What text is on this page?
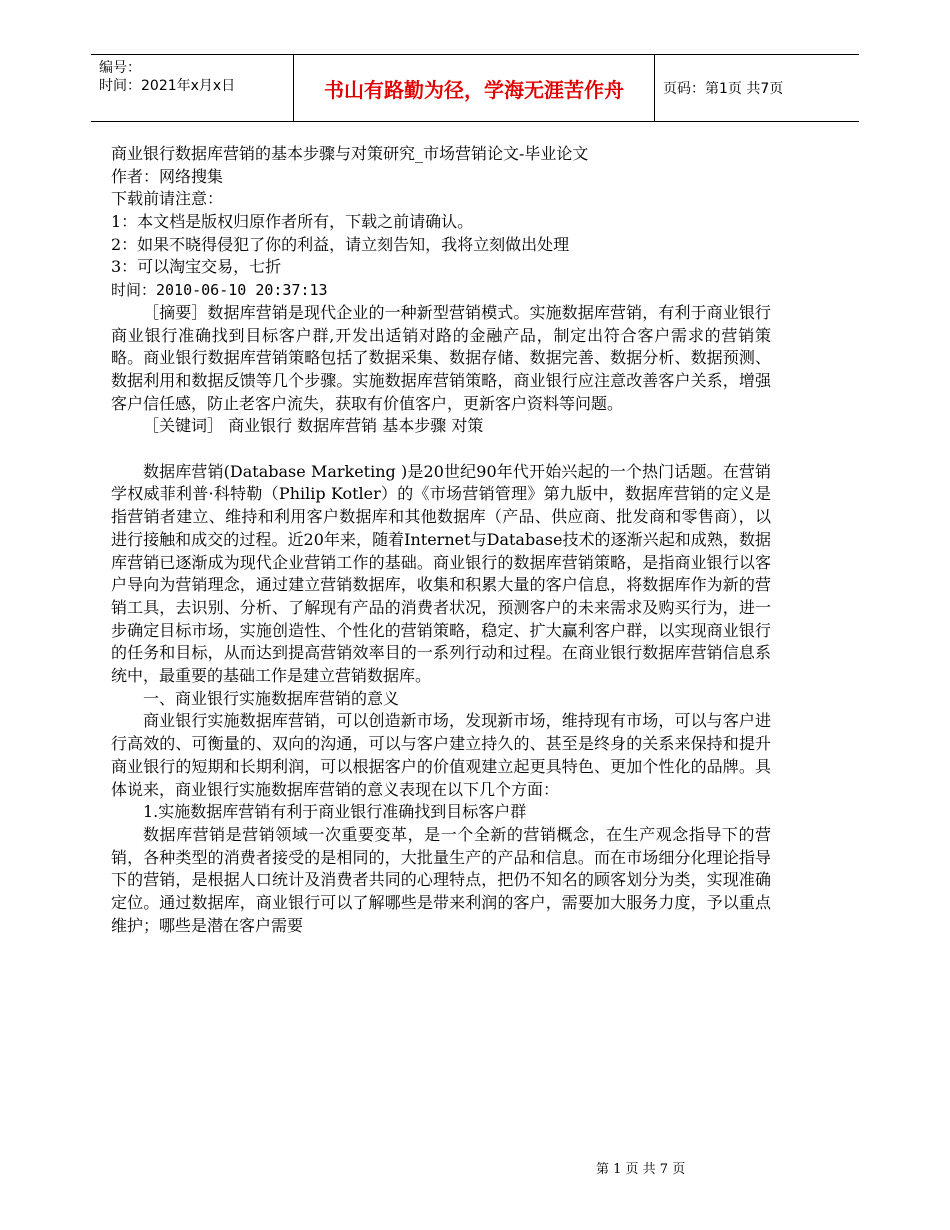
编号：
时间：2021年x月x日	书山有路勤为径，学海无涯苦作舟	页码：第1页 共7页
商业银行数据库营销的基本步骤与对策研究_市场营销论文-毕业论文
作者：网络搜集
下载前请注意：
1：本文档是版权归原作者所有，下载之前请确认。
2：如果不晓得侵犯了你的利益，请立刻告知，我将立刻做出处理
3：可以淘宝交易，七折
时间：2010-06-10 20:37:13

［摘要］数据库营销是现代企业的一种新型营销模式。实施数据库营销，有利于商业银行商业银行准确找到目标客户群,开发出适销对路的金融产品，制定出符合客户需求的营销策略。商业银行数据库营销策略包括了数据采集、数据存储、数据完善、数据分析、数据预测、数据利用和数据反馈等几个步骤。实施数据库营销策略，商业银行应注意改善客户关系，增强客户信任感，防止老客户流失，获取有价值客户，更新客户资料等问题。

［关键词］ 商业银行 数据库营销 基本步骤 对策

数据库营销(Database Marketing )是20世纪90年代开始兴起的一个热门话题。在营销学权威菲利普·科特勒（Philip Kotler）的《市场营销管理》第九版中，数据库营销的定义是指营销者建立、维持和利用客户数据库和其他数据库（产品、供应商、批发商和零售商），以进行接触和成交的过程。近20年来，随着Internet与Database技术的逐渐兴起和成熟，数据库营销已逐渐成为现代企业营销工作的基础。商业银行的数据库营销策略，是指商业银行以客户导向为营销理念，通过建立营销数据库，收集和积累大量的客户信息，将数据库作为新的营销工具，去识别、分析、了解现有产品的消费者状况，预测客户的未来需求及购买行为，进一步确定目标市场，实施创造性、个性化的营销策略，稳定、扩大赢利客户群，以实现商业银行的任务和目标，从而达到提高营销效率目的一系列行动和过程。在商业银行数据库营销信息系统中，最重要的基础工作是建立营销数据库。

一、商业银行实施数据库营销的意义

商业银行实施数据库营销，可以创造新市场，发现新市场，维持现有市场，可以与客户进行高效的、可衡量的、双向的沟通，可以与客户建立持久的、甚至是终身的关系来保持和提升商业银行的短期和长期利润，可以根据客户的价值观建立起更具特色、更加个性化的品牌。具体说来，商业银行实施数据库营销的意义表现在以下几个方面：

1.实施数据库营销有利于商业银行准确找到目标客户群

数据库营销是营销领域一次重要变革，是一个全新的营销概念，在生产观念指导下的营销，各种类型的消费者接受的是相同的，大批量生产的产品和信息。而在市场细分化理论指导下的营销，是根据人口统计及消费者共同的心理特点，把仍不知名的顾客划分为类，实现准确定位。通过数据库，商业银行可以了解哪些是带来利润的客户，需要加大服务力度，予以重点维护；哪些是潜在客户需要

第 1 页 共 7 页
